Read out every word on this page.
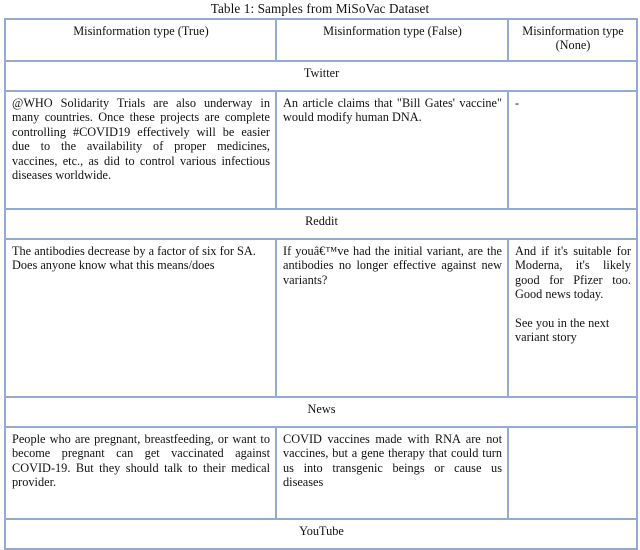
Table 1: Samples from MiSoVac Dataset
Misinformation type (True)	Misinformation type (False)	Misinformation type (None)
Twitter		
@WHO Solidarity Trials are also underway in many countries. Once these projects are complete controlling #COVID19 effectively will be easier due to the availability of proper medicines, vaccines, etc., as did to control various infectious diseases worldwide.	An article claims that "Bill Gates' vaccine" would modify human DNA.	-
Reddit		
The antibodies decrease by a factor of six for SA. Does anyone know what this means/does	If youâ€™ve had the initial variant, are the antibodies no longer effective against new variants?	And if it's suitable for Moderna, it's likely good for Pfizer too. Good news today.

See you in the next variant story

News		
People who are pregnant, breastfeeding, or want to become pregnant can get vaccinated against COVID-19. But they should talk to their medical provider.	COVID vaccines made with RNA are not vaccines, but a gene therapy that could turn us into transgenic beings or cause us diseases	
YouTube		
